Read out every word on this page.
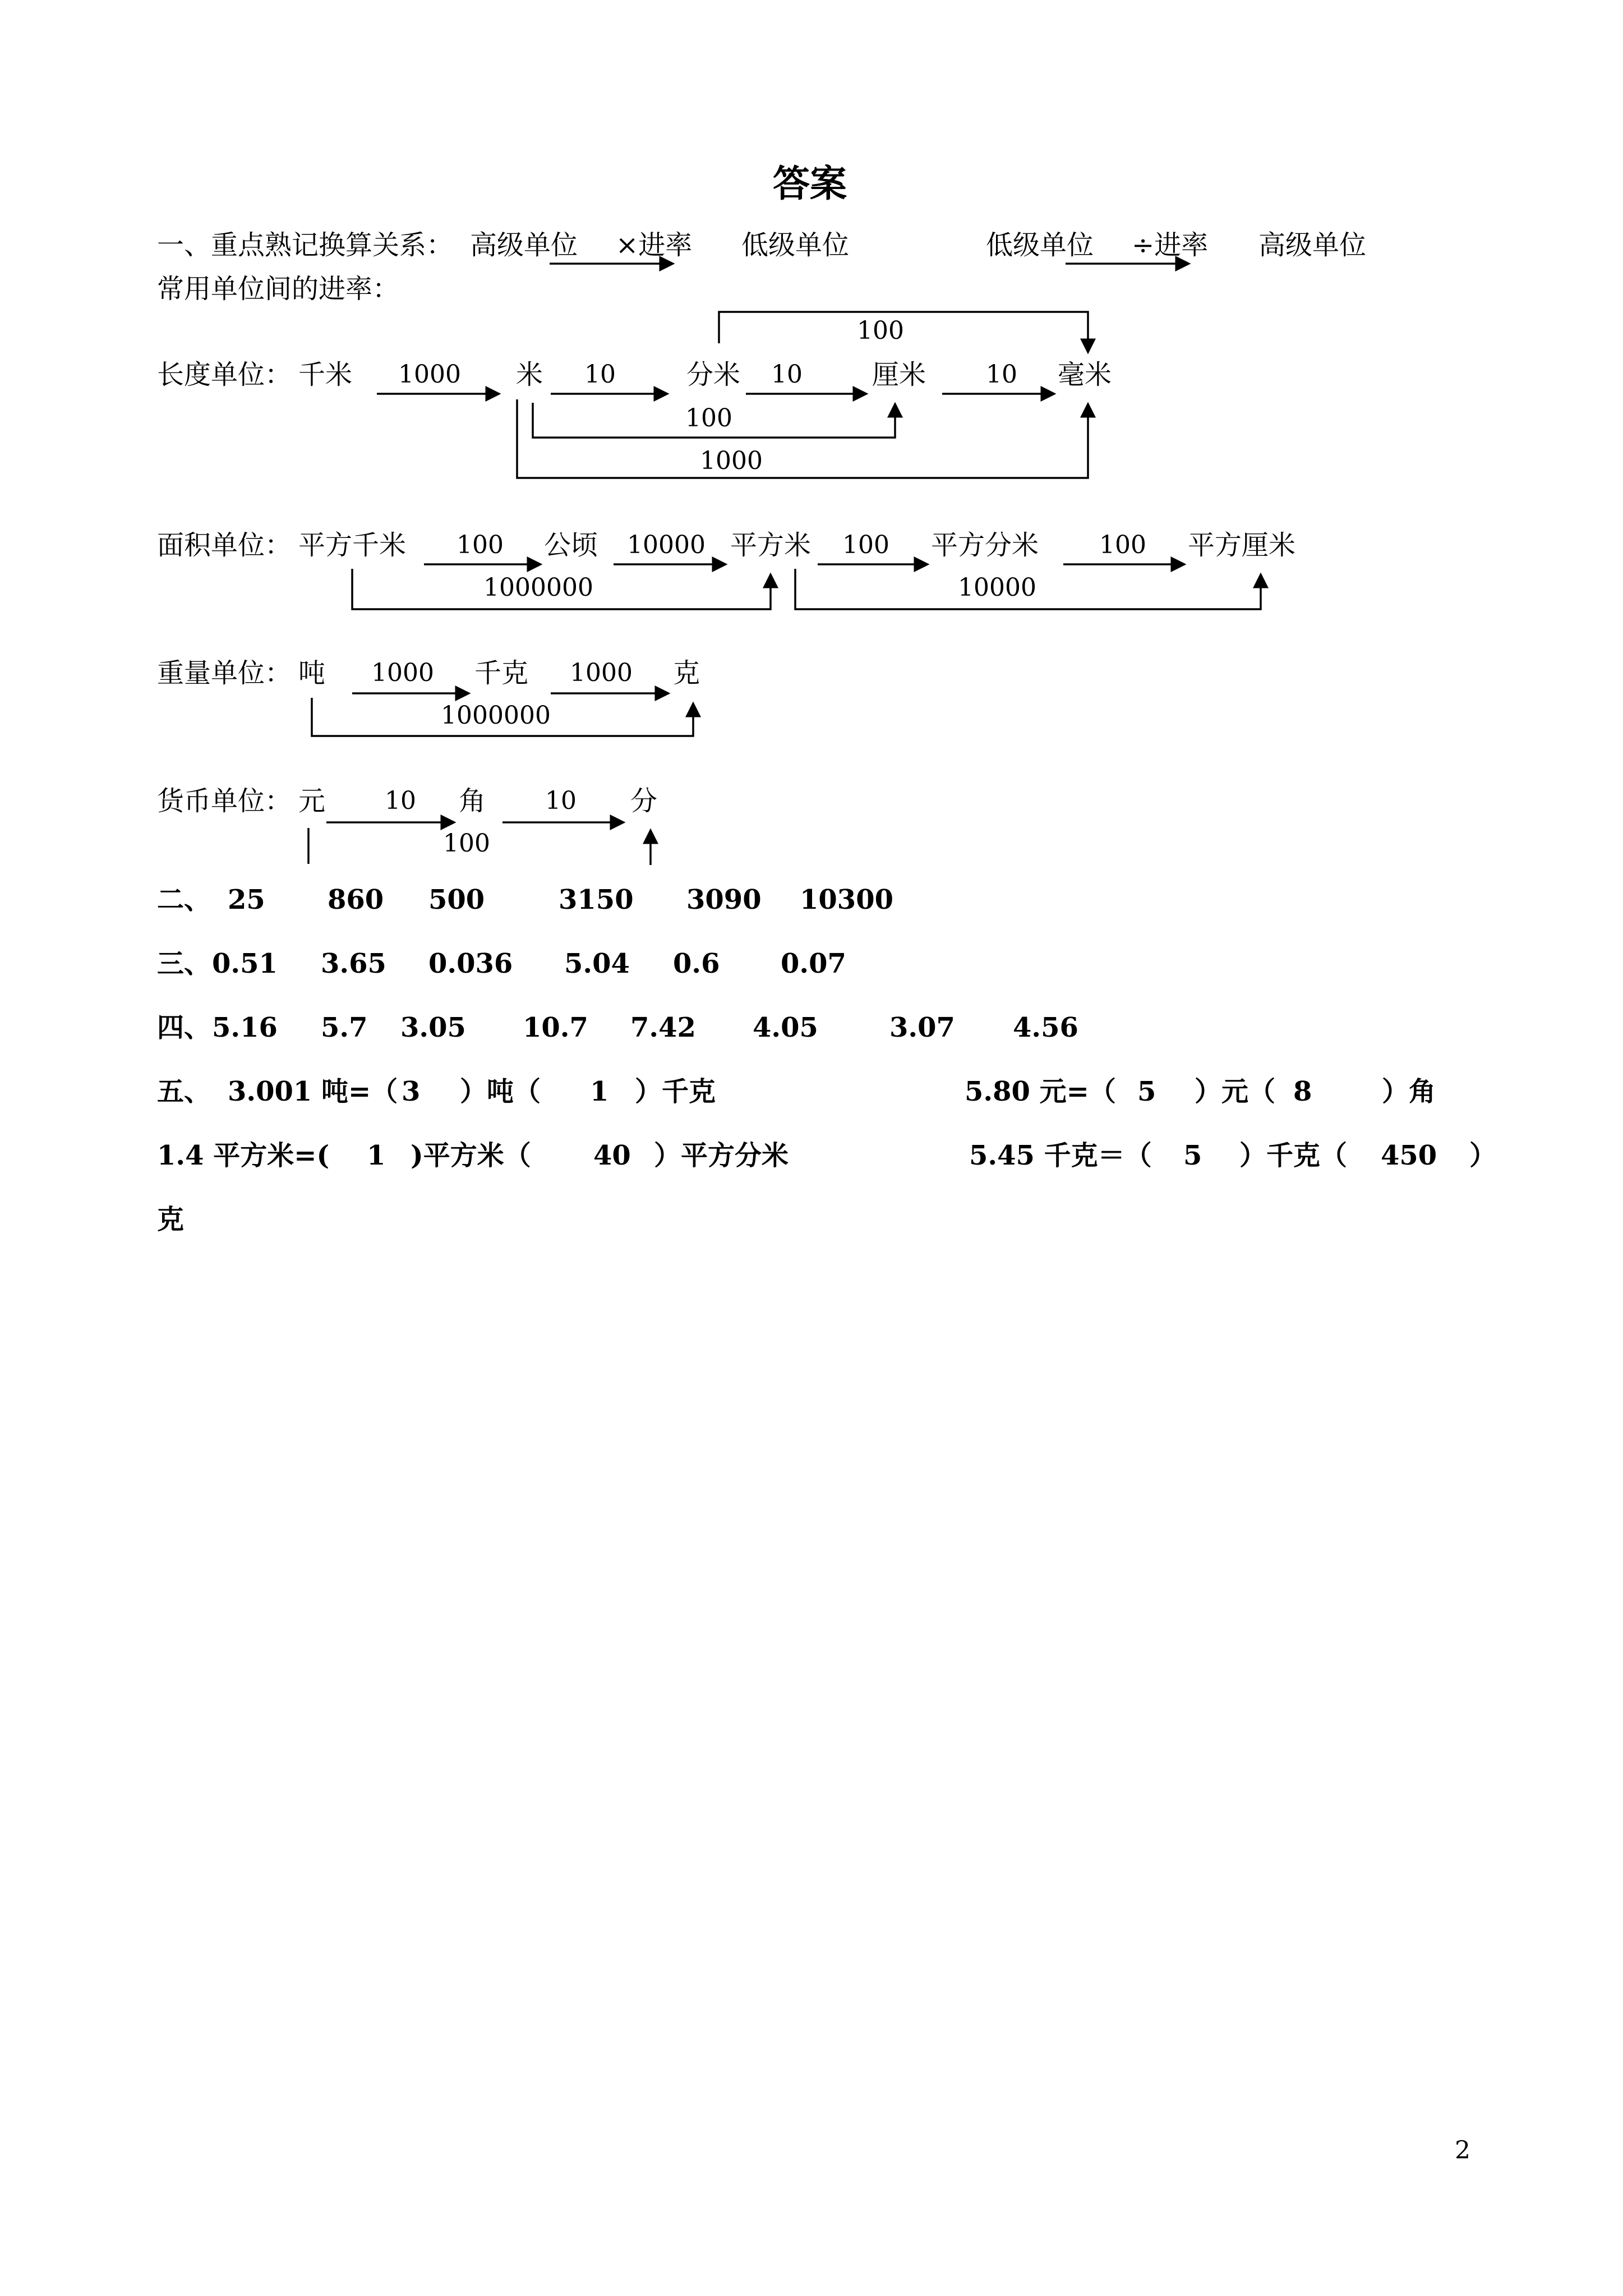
答案
一、重点熟记换算关系： 高级单位 ×进率 低级单位	低级单位 ÷进率 高级单位
常用单位间的进率：
长度单位： 千米 1000 米 10	分米 10	厘米 10 毫米
100
100
1000
面积单位： 平方千米 100 公顷 10000 平方米 100 平方分米 100 平方厘米
1000000	10000
重量单位： 吨 1000 千克 1000 克
1000000
货币单位： 元 10 角 10 分
100
二、 25 860 500	3150 3090 10300
三、 0.51 3.65 0.036 5.04 0.6 0.07
四、 5.16 5.7 3.05 10.7 7.42 4.05	3.07 4.56
五、 3.001 吨=（ 3 ）吨（ 1 ）千克	5.80 元=（ 5 ）元（ 8	）角
1.4 平方米=( 1 )平方米（ 40 ）平方分米	5.45 千克＝（ 5 ）千克（ 450 ）
克
2
